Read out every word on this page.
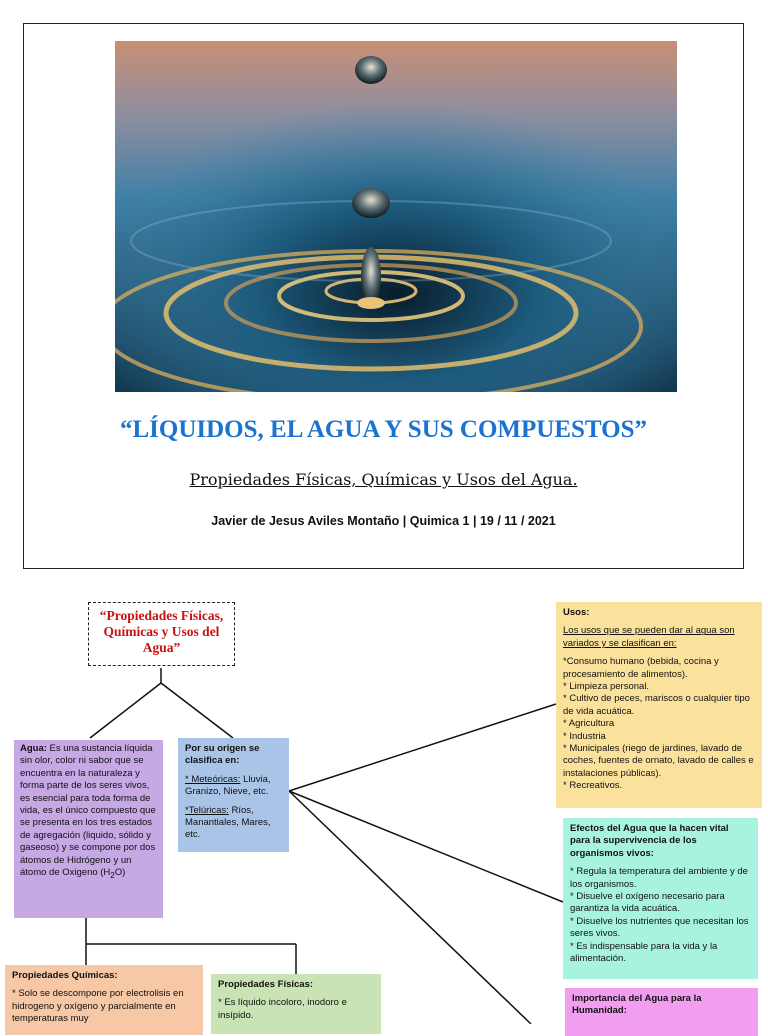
“LÍQUIDOS, EL AGUA Y SUS COMPUESTOS”
Propiedades Físicas, Químicas y Usos del Agua.
Javier de Jesus Aviles Montaño | Quimica 1 | 19 / 11 / 2021
“Propiedades Físicas, Químicas y Usos del Agua”
Agua: Es una sustancia líquida sin olor, color ni sabor que se encuentra en la naturaleza y forma parte de los seres vivos, es esencial para toda forma de vida, es el único compuesto que se presenta en los tres estados de agregación (liquido, sólido y gaseoso) y se compone por dos átomos de Hidrógeno y un átomo de Oxigeno $(H_2O)$

Por su origen se clasifica en:

* Meteóricas: Lluvia, Granizo, Nieve, etc.

*Telúricas: Ríos, Manantiales, Mares, etc.

Propiedades Químicas:

* Solo se descompone por electrolisis en hidrogeno y oxígeno y parcialmente en temperaturas muy

Propiedades Físicas:

* Es líquido incoloro, inodoro e insípido.

Usos:

Los usos que se pueden dar al agua son variados y se clasifican en:

*Consumo humano (bebida, cocina y procesamiento de alimentos).

* Limpieza personal.

* Cultivo de peces, mariscos o cualquier tipo de vida acuática.

* Agricultura

* Industria

* Municipales (riego de jardines, lavado de coches, fuentes de ornato, lavado de calles e instalaciones públicas).

* Recreativos.

Efectos del Agua que la hacen vital para la supervivencia de los organismos vivos:

* Regula la temperatura del ambiente y de los organismos.

* Disuelve el oxígeno necesario para garantiza la vida acuática.

* Disuelve los nutrientes que necesitan los seres vivos.

* Es indispensable para la vida y la alimentación.

Importancia del Agua para la Humanidad:
